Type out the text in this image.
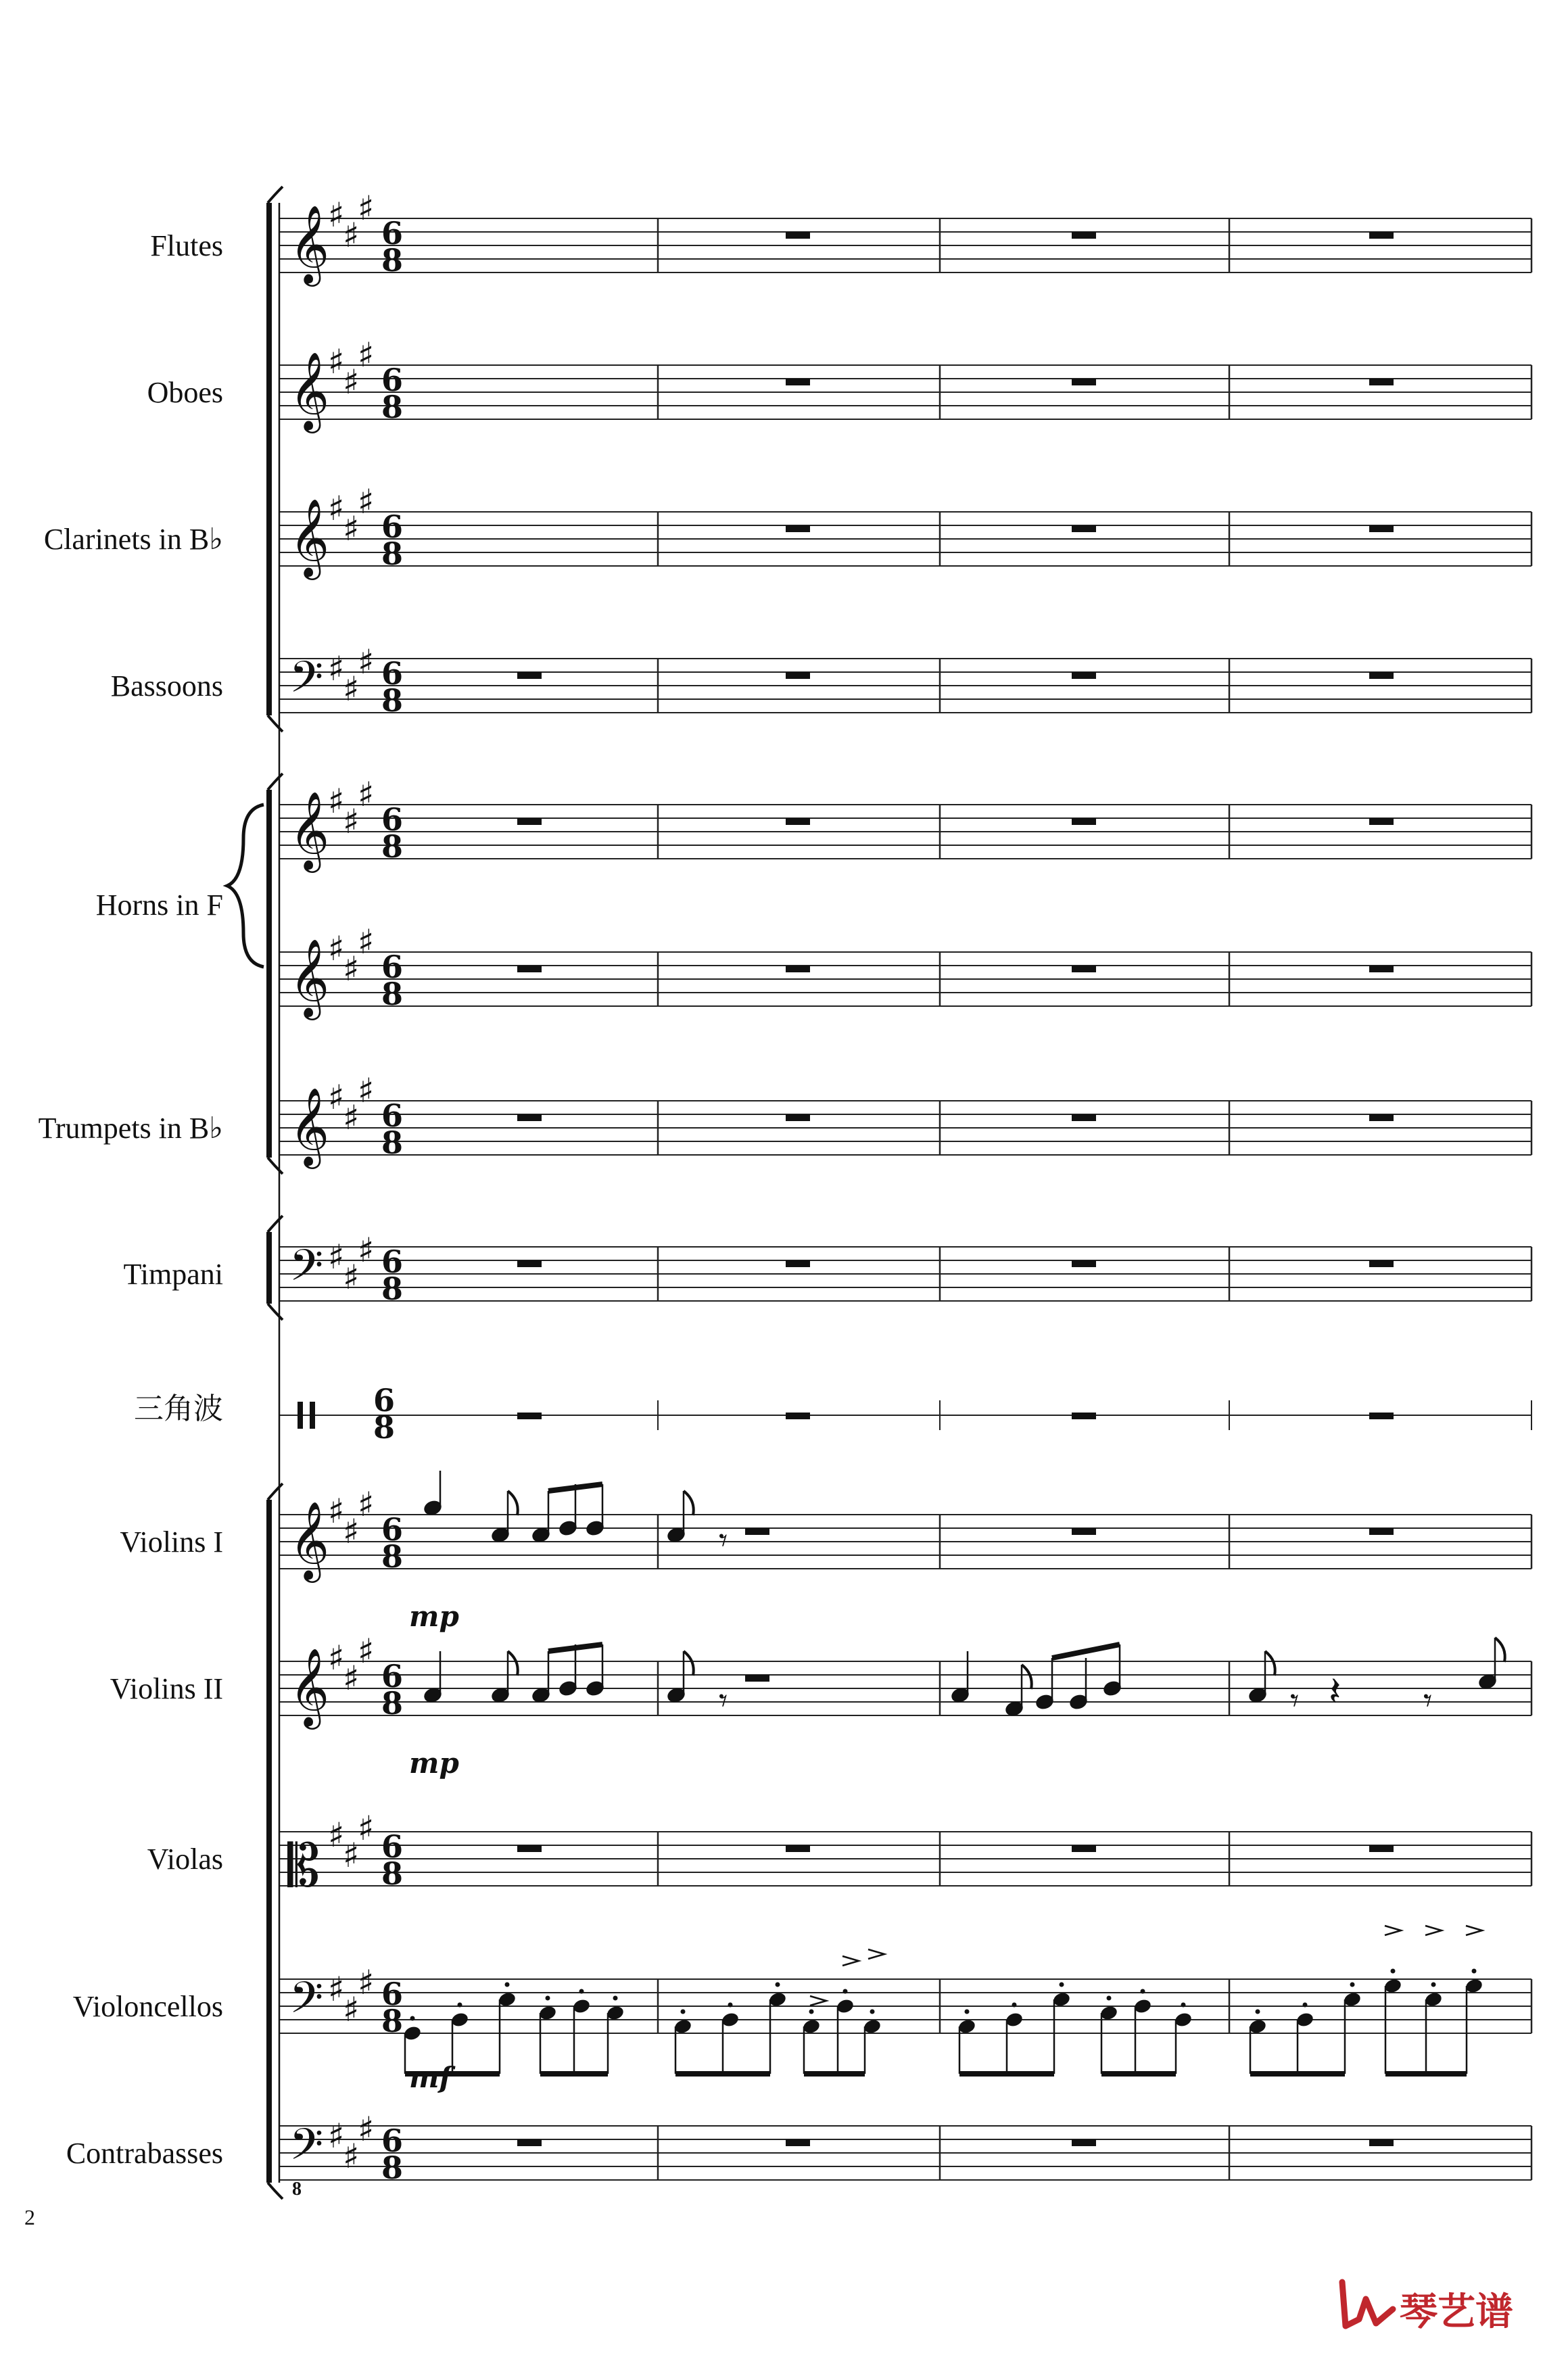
𝄞
♯
♯
♯
6
8
𝄞
♯
♯
♯
6
8
𝄞
♯
♯
♯
6
8
𝄢 ♯
♯
♯ 6
8
𝄞
♯
♯
♯
6
8
𝄞
♯
♯
♯
6
8
𝄞
♯
♯
♯
6
8
𝄢 ♯
♯
♯ 6
8
6
8
𝄞
♯
♯
♯
6
8
𝄞
♯
♯
♯
6
8
𝄡 ♯
♯
♯ 6
8
𝄢 ♯
♯
♯ 6
8
𝄢 ♯
♯
♯ 6
8
𝄾
𝄾	𝄾 𝄽 𝄾
Flutes
Oboes
Clarinets in B♭
Bassoons
Horns in F
Trumpets in B♭
Timpani
三角波
Violins I
Violins II
Violas
Violoncellos
Contrabasses
mp
mp
mf
8
2
琴艺谱
